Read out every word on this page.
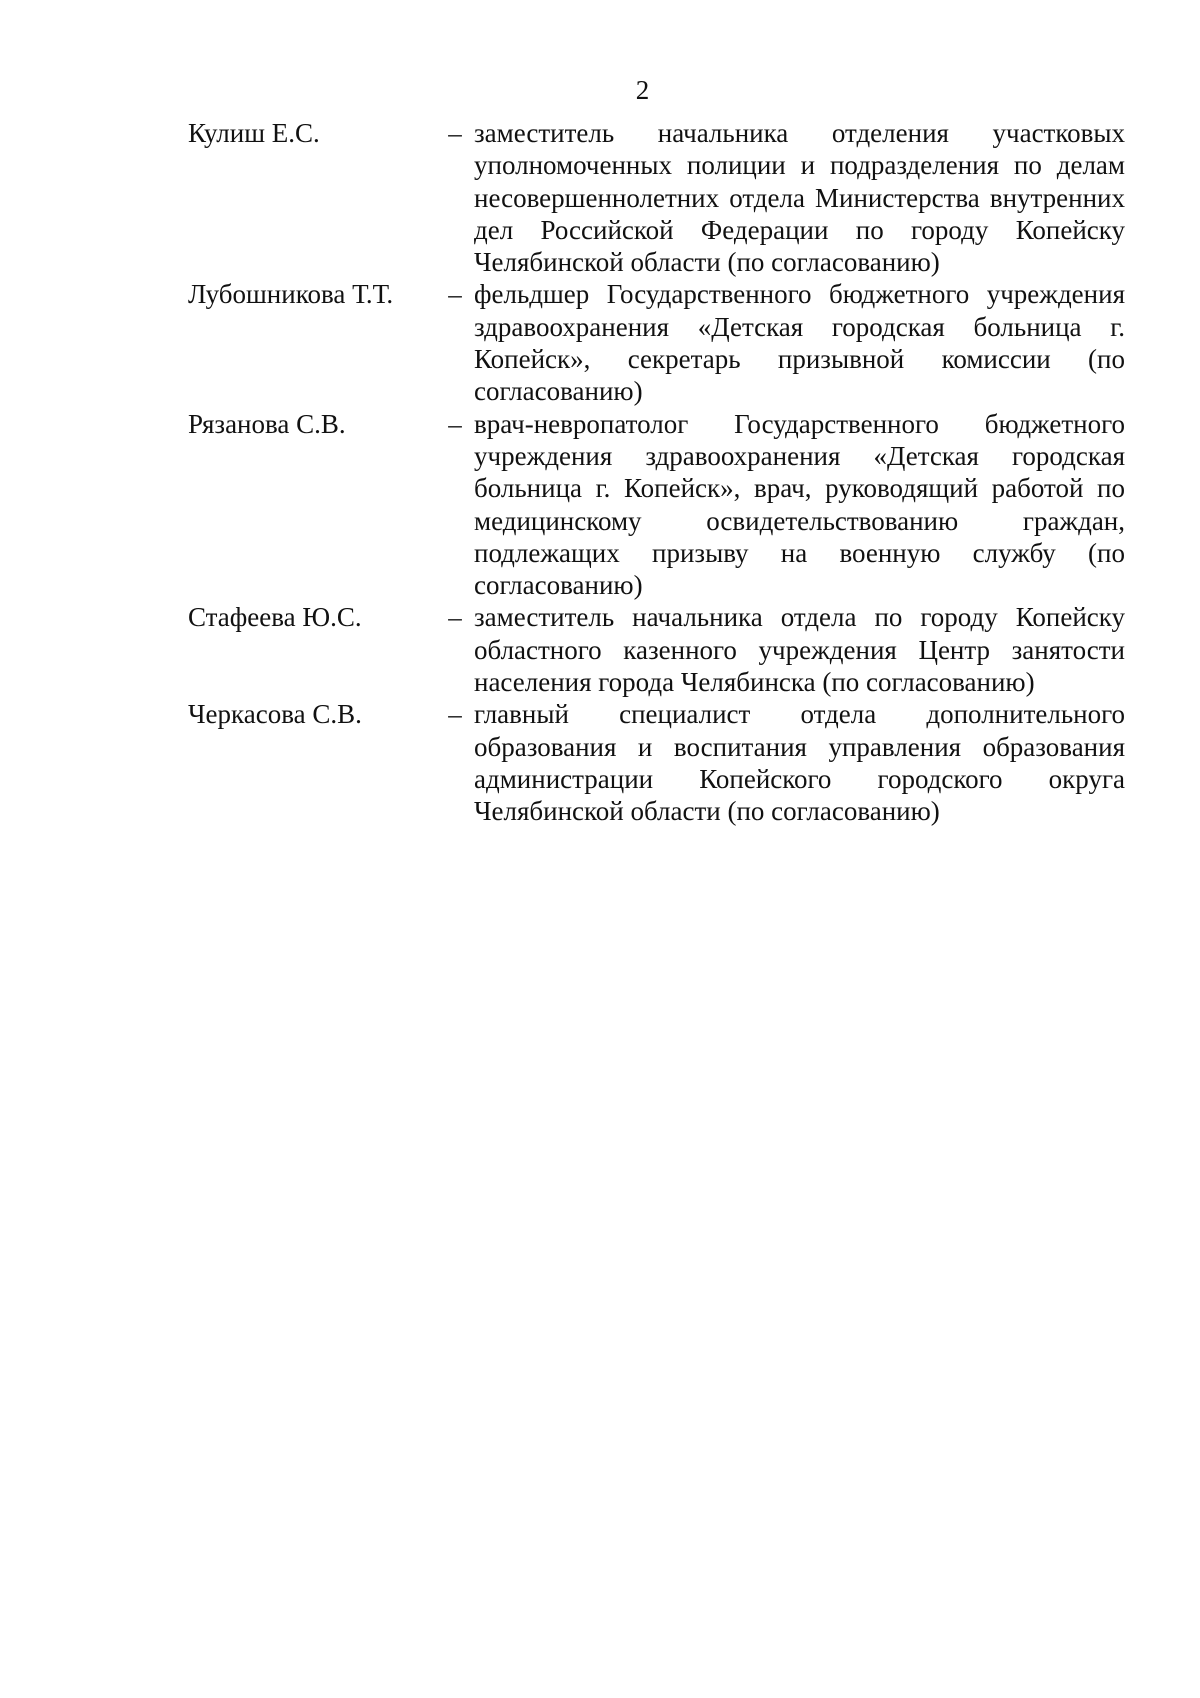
2
Кулиш Е.С.	– заместитель начальника отделения участковых уполномоченных полиции и подразделения по делам несовершеннолетних отдела Министерства внутренних дел Российской Федерации по городу Копейску Челябинской области (по согласованию)
Лубошникова Т.Т.	– фельдшер Государственного бюджетного учреждения здравоохранения «Детская городская больница г. Копейск», секретарь призывной комиссии (по согласованию)
Рязанова С.В.	– врач-невропатолог Государственного бюджетного учреждения здравоохранения «Детская городская больница г. Копейск», врач, руководящий работой по медицинскому освидетельствованию граждан, подлежащих призыву на военную службу (по согласованию)
Стафеева Ю.С.	– заместитель начальника отдела по городу Копейску областного казенного учреждения Центр занятости населения города Челябинска (по согласованию)
Черкасова С.В.	– главный специалист отдела дополнительного образования и воспитания управления образования администрации Копейского городского округа Челябинской области (по согласованию)
